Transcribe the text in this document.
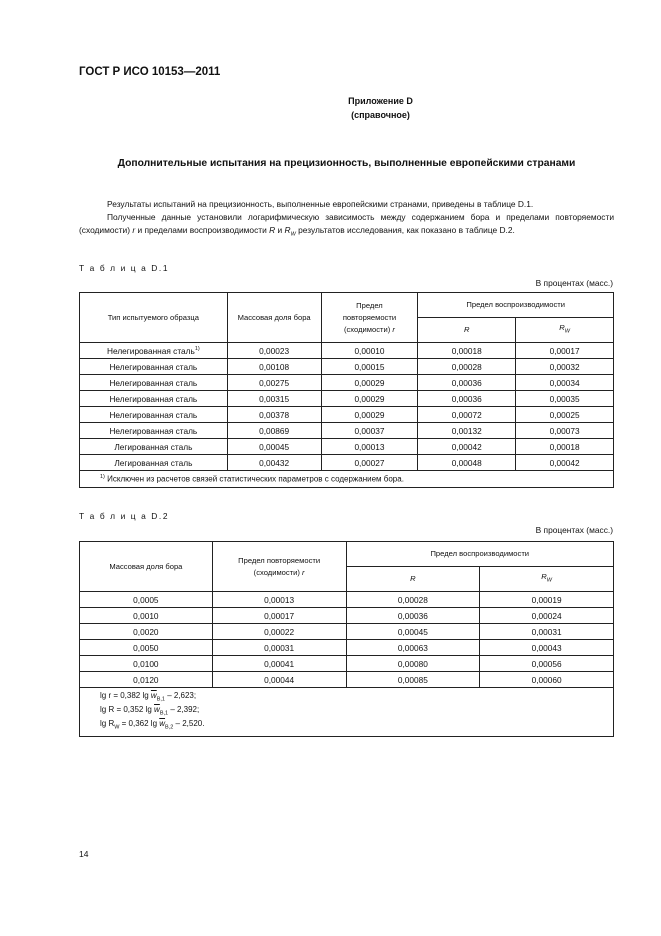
ГОСТ Р ИСО 10153—2011
Приложение D
(справочное)
Дополнительные испытания на прецизионность, выполненные европейскими странами
Результаты испытаний на прецизионность, выполненные европейскими странами, приведены в таблице D.1.
Полученные данные установили логарифмическую зависимость между содержанием бора и пределами повторяемости (сходимости) r и пределами воспроизводимости R и $R_W$ результатов исследования, как показано в таблице D.2.
Т а б л и ц а D.1
В процентах (масс.)
Тип испытуемого образца	Массовая доля бора	Предел
повторяемости
(сходимости) r	Предел воспроизводимости	
			R	$R_W$
Нелегированная сталь$^{1)}$	0,00023	0,00010	0,00018	0,00017
Нелегированная сталь	0,00108	0,00015	0,00028	0,00032
Нелегированная сталь	0,00275	0,00029	0,00036	0,00034
Нелегированная сталь	0,00315	0,00029	0,00036	0,00035
Нелегированная сталь	0,00378	0,00029	0,00072	0,00025
Нелегированная сталь	0,00869	0,00037	0,00132	0,00073
Легированная сталь	0,00045	0,00013	0,00042	0,00018
Легированная сталь	0,00432	0,00027	0,00048	0,00042
$^{1)}$ Исключен из расчетов связей статистических параметров с содержанием бора.				
Т а б л и ц а D.2
В процентах (масс.)
Массовая доля бора	Предел повторяемости
(сходимости) r	Предел воспроизводимости	
		R	$R_W$
0,0005	0,00013	0,00028	0,00019
0,0010	0,00017	0,00036	0,00024
0,0020	0,00022	0,00045	0,00031
0,0050	0,00031	0,00063	0,00043
0,0100	0,00041	0,00080	0,00056
0,0120	0,00044	0,00085	0,00060

lg r = 0,382 $\lg \overline{w}_{B,1} - 2,623$;
lg R = 0,352 $\lg \overline{w}_{B,1} - 2,392$;
$\lg R_W = 0,362$ $\lg \overline{w}_{B,2} - 2,520$.			
14
